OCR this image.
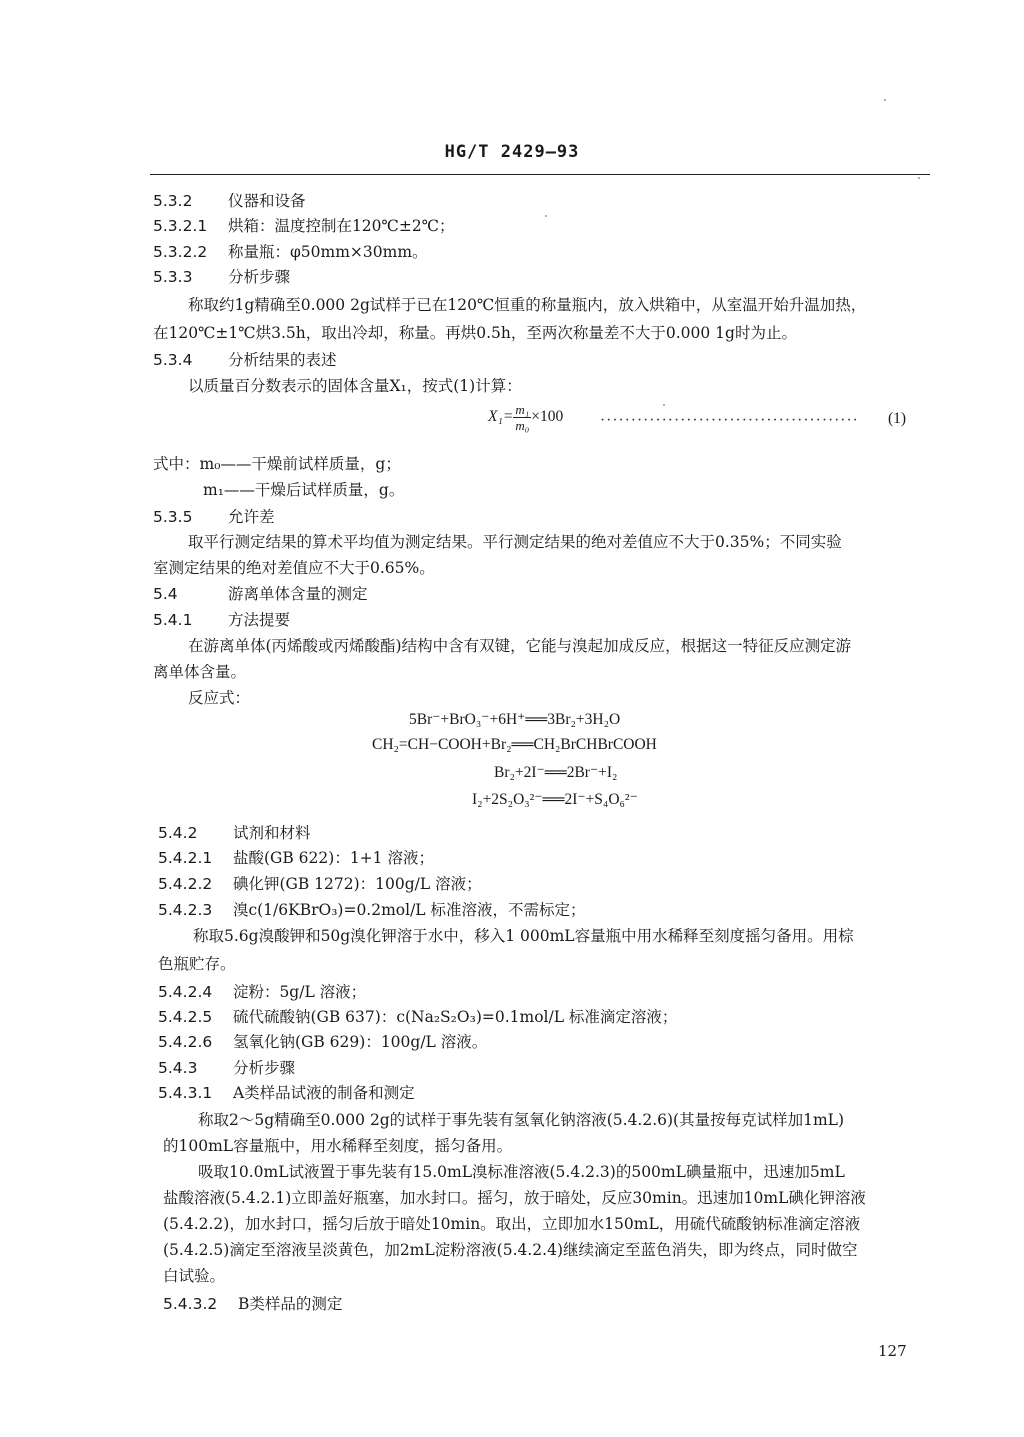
HG/T 2429—93
5.3.2 仪器和设备
5.3.2.1 烘箱：温度控制在120℃±2℃；
5.3.2.2 称量瓶：φ50mm×30mm。
5.3.3 分析步骤
称取约1g精确至0.000 2g试样于已在120℃恒重的称量瓶内，放入烘箱中，从室温开始升温加热，
在120℃±1℃烘3.5h，取出冷却，称量。再烘0.5h，至两次称量差不大于0.000 1g时为止。
5.3.4 分析结果的表述
以质量百分数表示的固体含量X₁，按式(1)计算：
$X_1= \frac{\text{m₁}}{\text{m₀}} \times 100$ ·········································· (1)
式中：m₀——干燥前试样质量，g；
m₁——干燥后试样质量，g。
5.3.5 允许差
取平行测定结果的算术平均值为测定结果。平行测定结果的绝对差值应不大于0.35%；不同实验
室测定结果的绝对差值应不大于0.65%。
5.4	游离单体含量的测定
5.4.1 方法提要
在游离单体(丙烯酸或丙烯酸酯)结构中含有双键，它能与溴起加成反应，根据这一特征反应测定游
离单体含量。
反应式：
5Br⁻+BrO₃⁻+6H⁺══3Br₂+3H₂O
CH₂=CH−COOH+Br₂══CH₂BrCHBrCOOH
Br₂+2I⁻══2Br⁻+I₂
I₂+2S₂O₃²⁻══2I⁻+S₄O₆²⁻
5.4.2 试剂和材料
5.4.2.1 盐酸(GB 622)：1+1 溶液；
5.4.2.2 碘化钾(GB 1272)：100g/L 溶液；
5.4.2.3 溴c(1/6KBrO₃)=0.2mol/L 标准溶液，不需标定；
称取5.6g溴酸钾和50g溴化钾溶于水中，移入1 000mL容量瓶中用水稀释至刻度摇匀备用。用棕
色瓶贮存。
5.4.2.4 淀粉：5g/L 溶液；
5.4.2.5 硫代硫酸钠(GB 637)：c(Na₂S₂O₃)=0.1mol/L 标准滴定溶液；
5.4.2.6 氢氧化钠(GB 629)：100g/L 溶液。
5.4.3 分析步骤
5.4.3.1 A类样品试液的制备和测定
称取2～5g精确至0.000 2g的试样于事先装有氢氧化钠溶液(5.4.2.6)(其量按每克试样加1mL)
的100mL容量瓶中，用水稀释至刻度，摇匀备用。
吸取10.0mL试液置于事先装有15.0mL溴标准溶液(5.4.2.3)的500mL碘量瓶中，迅速加5mL
盐酸溶液(5.4.2.1)立即盖好瓶塞，加水封口。摇匀，放于暗处，反应30min。迅速加10mL碘化钾溶液
(5.4.2.2)，加水封口，摇匀后放于暗处10min。取出，立即加水150mL，用硫代硫酸钠标准滴定溶液
(5.4.2.5)滴定至溶液呈淡黄色，加2mL淀粉溶液(5.4.2.4)继续滴定至蓝色消失，即为终点，同时做空
白试验。
5.4.3.2 B类样品的测定
127
